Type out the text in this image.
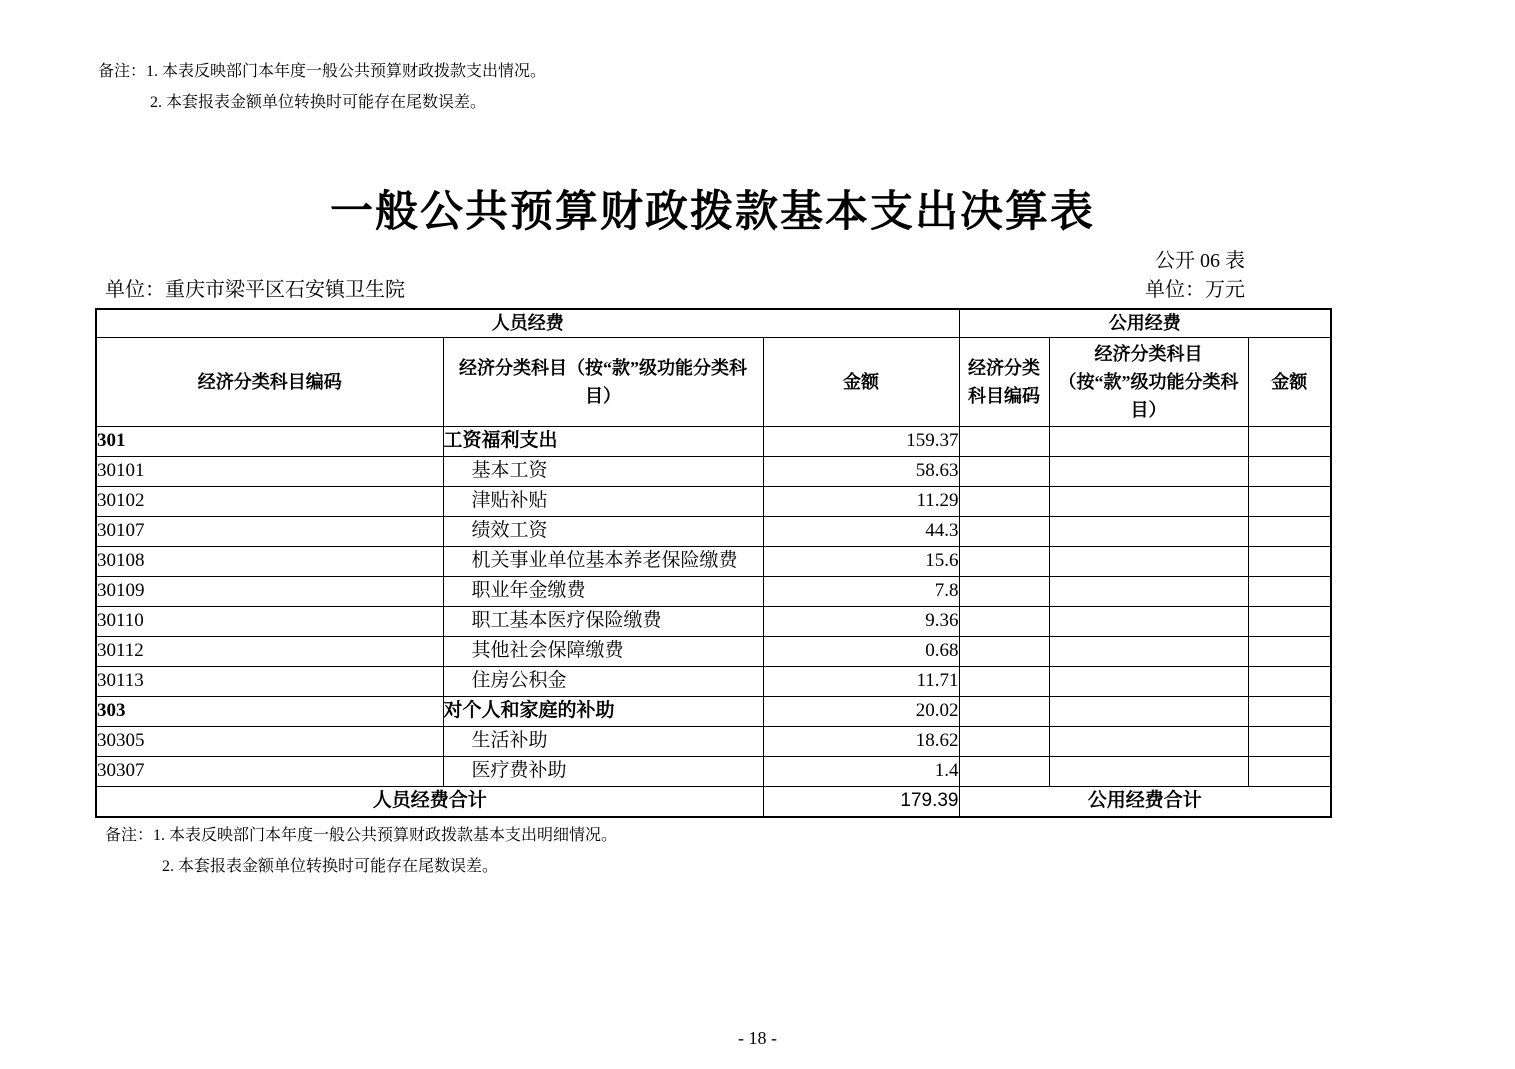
备注：1. 本表反映部门本年度一般公共预算财政拨款支出情况。
2. 本套报表金额单位转换时可能存在尾数误差。
一般公共预算财政拨款基本支出决算表
公开 06 表
单位：重庆市梁平区石安镇卫生院	单位：万元
人员经费			公用经费		
经济分类科目编码	经济分类科目（按“款”级功能分类科目）	金额	经济分类科目编码	经济分类科目（按“款”级功能分类科目）	金额
301	工资福利支出	159.37			
30101	基本工资	58.63			
30102	津贴补贴	11.29			
30107	绩效工资	44.3			
30108	机关事业单位基本养老保险缴费	15.6			
30109	职业年金缴费	7.8			
30110	职工基本医疗保险缴费	9.36			
30112	其他社会保障缴费	0.68			
30113	住房公积金	11.71			
303	对个人和家庭的补助	20.02			
30305	生活补助	18.62			
30307	医疗费补助	1.4			
人员经费合计		179.39	公用经费合计		
备注：1. 本表反映部门本年度一般公共预算财政拨款基本支出明细情况。
2. 本套报表金额单位转换时可能存在尾数误差。
- 18 -
